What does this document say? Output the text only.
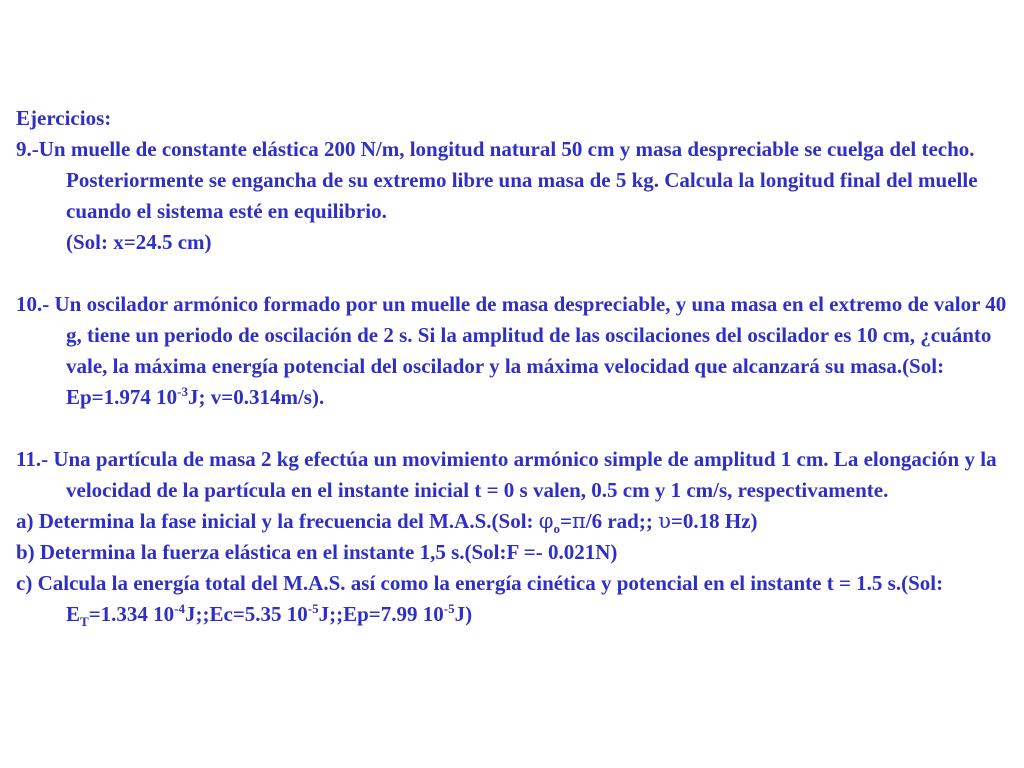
Ejercicios:

9.-Un muelle de constante elástica 200 N/m, longitud natural 50 cm y masa despreciable se cuelga del techo. Posteriormente se engancha de su extremo libre una masa de 5 kg. Calcula la longitud final del muelle cuando el sistema esté en equilibrio.
(Sol: x=24.5 cm)

10.- Un oscilador armónico formado por un muelle de masa despreciable, y una masa en el extremo de valor 40 g, tiene un periodo de oscilación de 2 s. Si la amplitud de las oscilaciones del oscilador es 10 cm, ¿cuánto vale, la máxima energía potencial del oscilador y la máxima velocidad que alcanzará su masa.(Sol: Ep=1.974 $10^{-3}J$; v=0.314m/s).

11.- Una partícula de masa 2 kg efectúa un movimiento armónico simple de amplitud 1 cm. La elongación y la velocidad de la partícula en el instante inicial t = 0 s valen, 0.5 cm y 1 cm/s, respectivamente.

a) Determina la fase inicial y la frecuencia del M.A.S.(Sol: $\varphi_o=\pi/6$ rad;; υ=0.18 Hz)

b) Determina la fuerza elástica en el instante 1,5 s.(Sol:F =- 0.021N)

c) Calcula la energía total del M.A.S. así como la energía cinética y potencial en el instante t = 1.5 s.(Sol: $E_T=1.334$ $10^{-4}J;;Ec=5.35$ $10^{-5}J;;Ep=7.99$ $10^{-5}J$)
